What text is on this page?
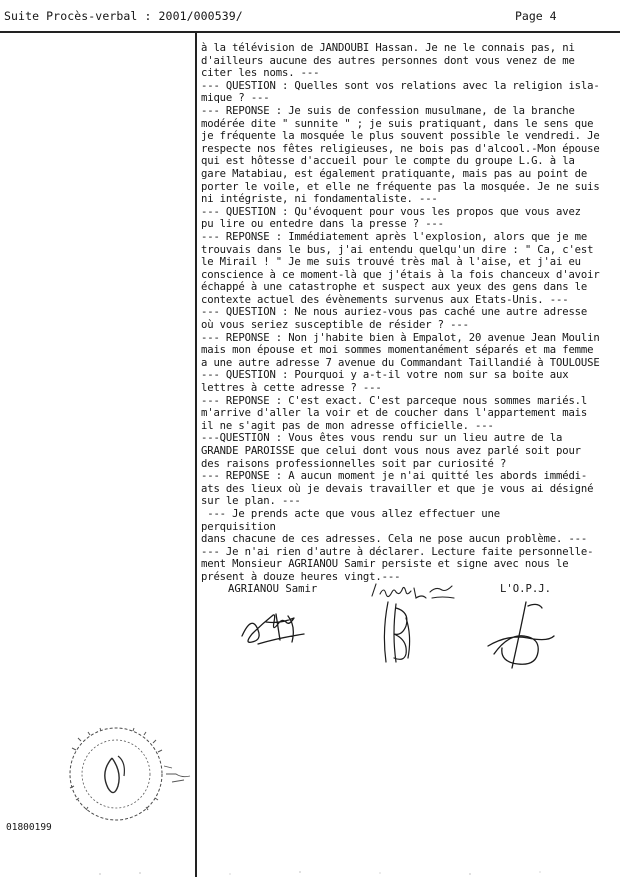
Suite Procès-verbal : 2001/000539/	Page 4
à la télévision de JANDOUBI Hassan. Je ne le connais pas, ni
d'ailleurs aucune des autres personnes dont vous venez de me
citer les noms. ---
--- QUESTION : Quelles sont vos relations avec la religion isla-
mique ? ---
--- REPONSE : Je suis de confession musulmane, de la branche
modérée dite " sunnite " ; je suis pratiquant, dans le sens que
je fréquente la mosquée le plus souvent possible le vendredi. Je
respecte nos fêtes religieuses, ne bois pas d'alcool.-Mon épouse
qui est hôtesse d'accueil pour le compte du groupe L.G. à la
gare Matabiau, est également pratiquante, mais pas au point de
porter le voile, et elle ne fréquente pas la mosquée. Je ne suis
ni intégriste, ni fondamentaliste. ---
--- QUESTION : Qu'évoquent pour vous les propos que vous avez
pu lire ou entedre dans la presse ? ---
--- REPONSE : Immédiatement après l'explosion, alors que je me
trouvais dans le bus, j'ai entendu quelqu'un dire : " Ca, c'est
le Mirail ! " Je me suis trouvé très mal à l'aise, et j'ai eu
conscience à ce moment-là que j'étais à la fois chanceux d'avoir
échappé à une catastrophe et suspect aux yeux des gens dans le
contexte actuel des évènements survenus aux Etats-Unis. ---
--- QUESTION : Ne nous auriez-vous pas caché une autre adresse
où vous seriez susceptible de résider ? ---
--- REPONSE : Non j'habite bien à Empalot, 20 avenue Jean Moulin
mais mon épouse et moi sommes momentanément séparés et ma femme
a une autre adresse 7 avenue du Commandant Taillandié à TOULOUSE
--- QUESTION : Pourquoi y a-t-il votre nom sur sa boite aux
lettres à cette adresse ? ---
--- REPONSE : C'est exact. C'est parceque nous sommes mariés.l
m'arrive d'aller la voir et de coucher dans l'appartement mais
il ne s'agit pas de mon adresse officielle. ---
---QUESTION : Vous êtes vous rendu sur un lieu autre de la
GRANDE PAROISSE que celui dont vous nous avez parlé soit pour
des raisons professionnelles soit par curiosité ?
--- REPONSE : A aucun moment je n'ai quitté les abords immédi-
ats des lieux où je devais travailler et que je vous ai désigné
sur le plan. ---
--- Je prends acte que vous allez effectuer une
perquisition
dans chacune de ces adresses. Cela ne pose aucun problème. ---
--- Je n'ai rien d'autre à déclarer. Lecture faite personnelle-
ment Monsieur AGRIANOU Samir persiste et signe avec nous le
présent à douze heures vingt.---
AGRIANOU Samir	L'O.P.J.
01800199
